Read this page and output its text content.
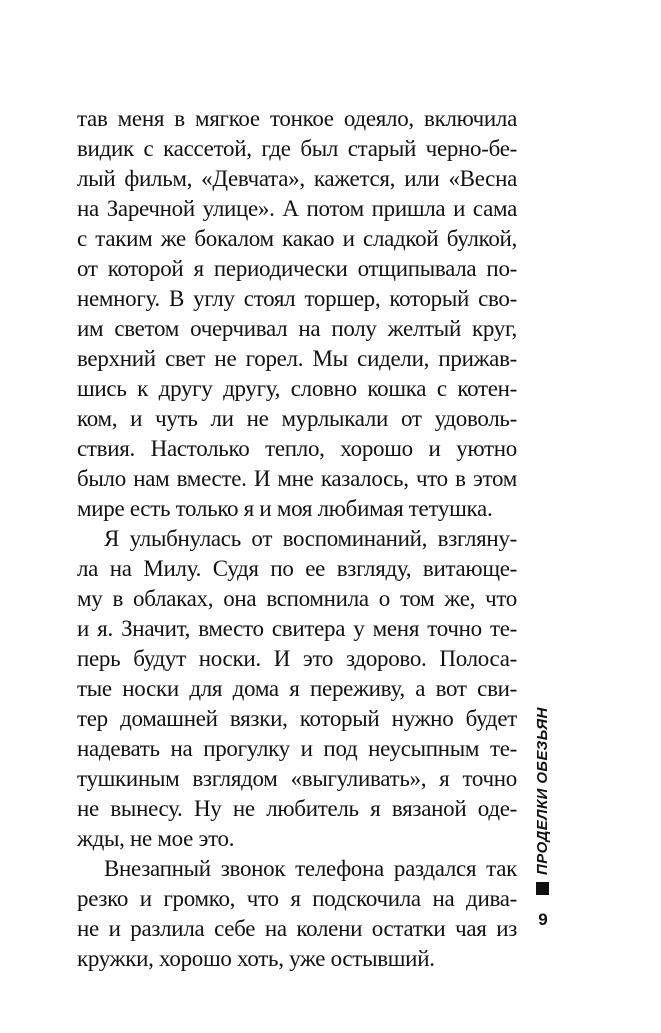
тав меня в мягкое тонкое одеяло, включила
видик с кассетой, где был старый черно-бе-
лый фильм, «Девчата», кажется, или «Весна
на Заречной улице». А потом пришла и сама
с таким же бокалом какао и сладкой булкой,
от которой я периодически отщипывала по-
немногу. В углу стоял торшер, который сво-
им светом очерчивал на полу желтый круг,
верхний свет не горел. Мы сидели, прижав-
шись к другу другу, словно кошка с котен-
ком, и чуть ли не мурлыкали от удоволь-
ствия. Настолько тепло, хорошо и уютно
было нам вместе. И мне казалось, что в этом
мире есть только я и моя любимая тетушка.
Я улыбнулась от воспоминаний, взгляну-
ла на Милу. Судя по ее взгляду, витающе-
му в облаках, она вспомнила о том же, что
и я. Значит, вместо свитера у меня точно те-
перь будут носки. И это здорово. Полоса-
тые носки для дома я переживу, а вот сви-
тер домашней вязки, который нужно будет
надевать на прогулку и под неусыпным те-
тушкиным взглядом «выгуливать», я точно
не вынесу. Ну не любитель я вязаной оде-
жды, не мое это.
Внезапный звонок телефона раздался так
резко и громко, что я подскочила на дива-
не и разлила себе на колени остатки чая из
кружки, хорошо хоть, уже остывший.
ПРОДЕЛКИ ОБЕЗЬЯН
9
